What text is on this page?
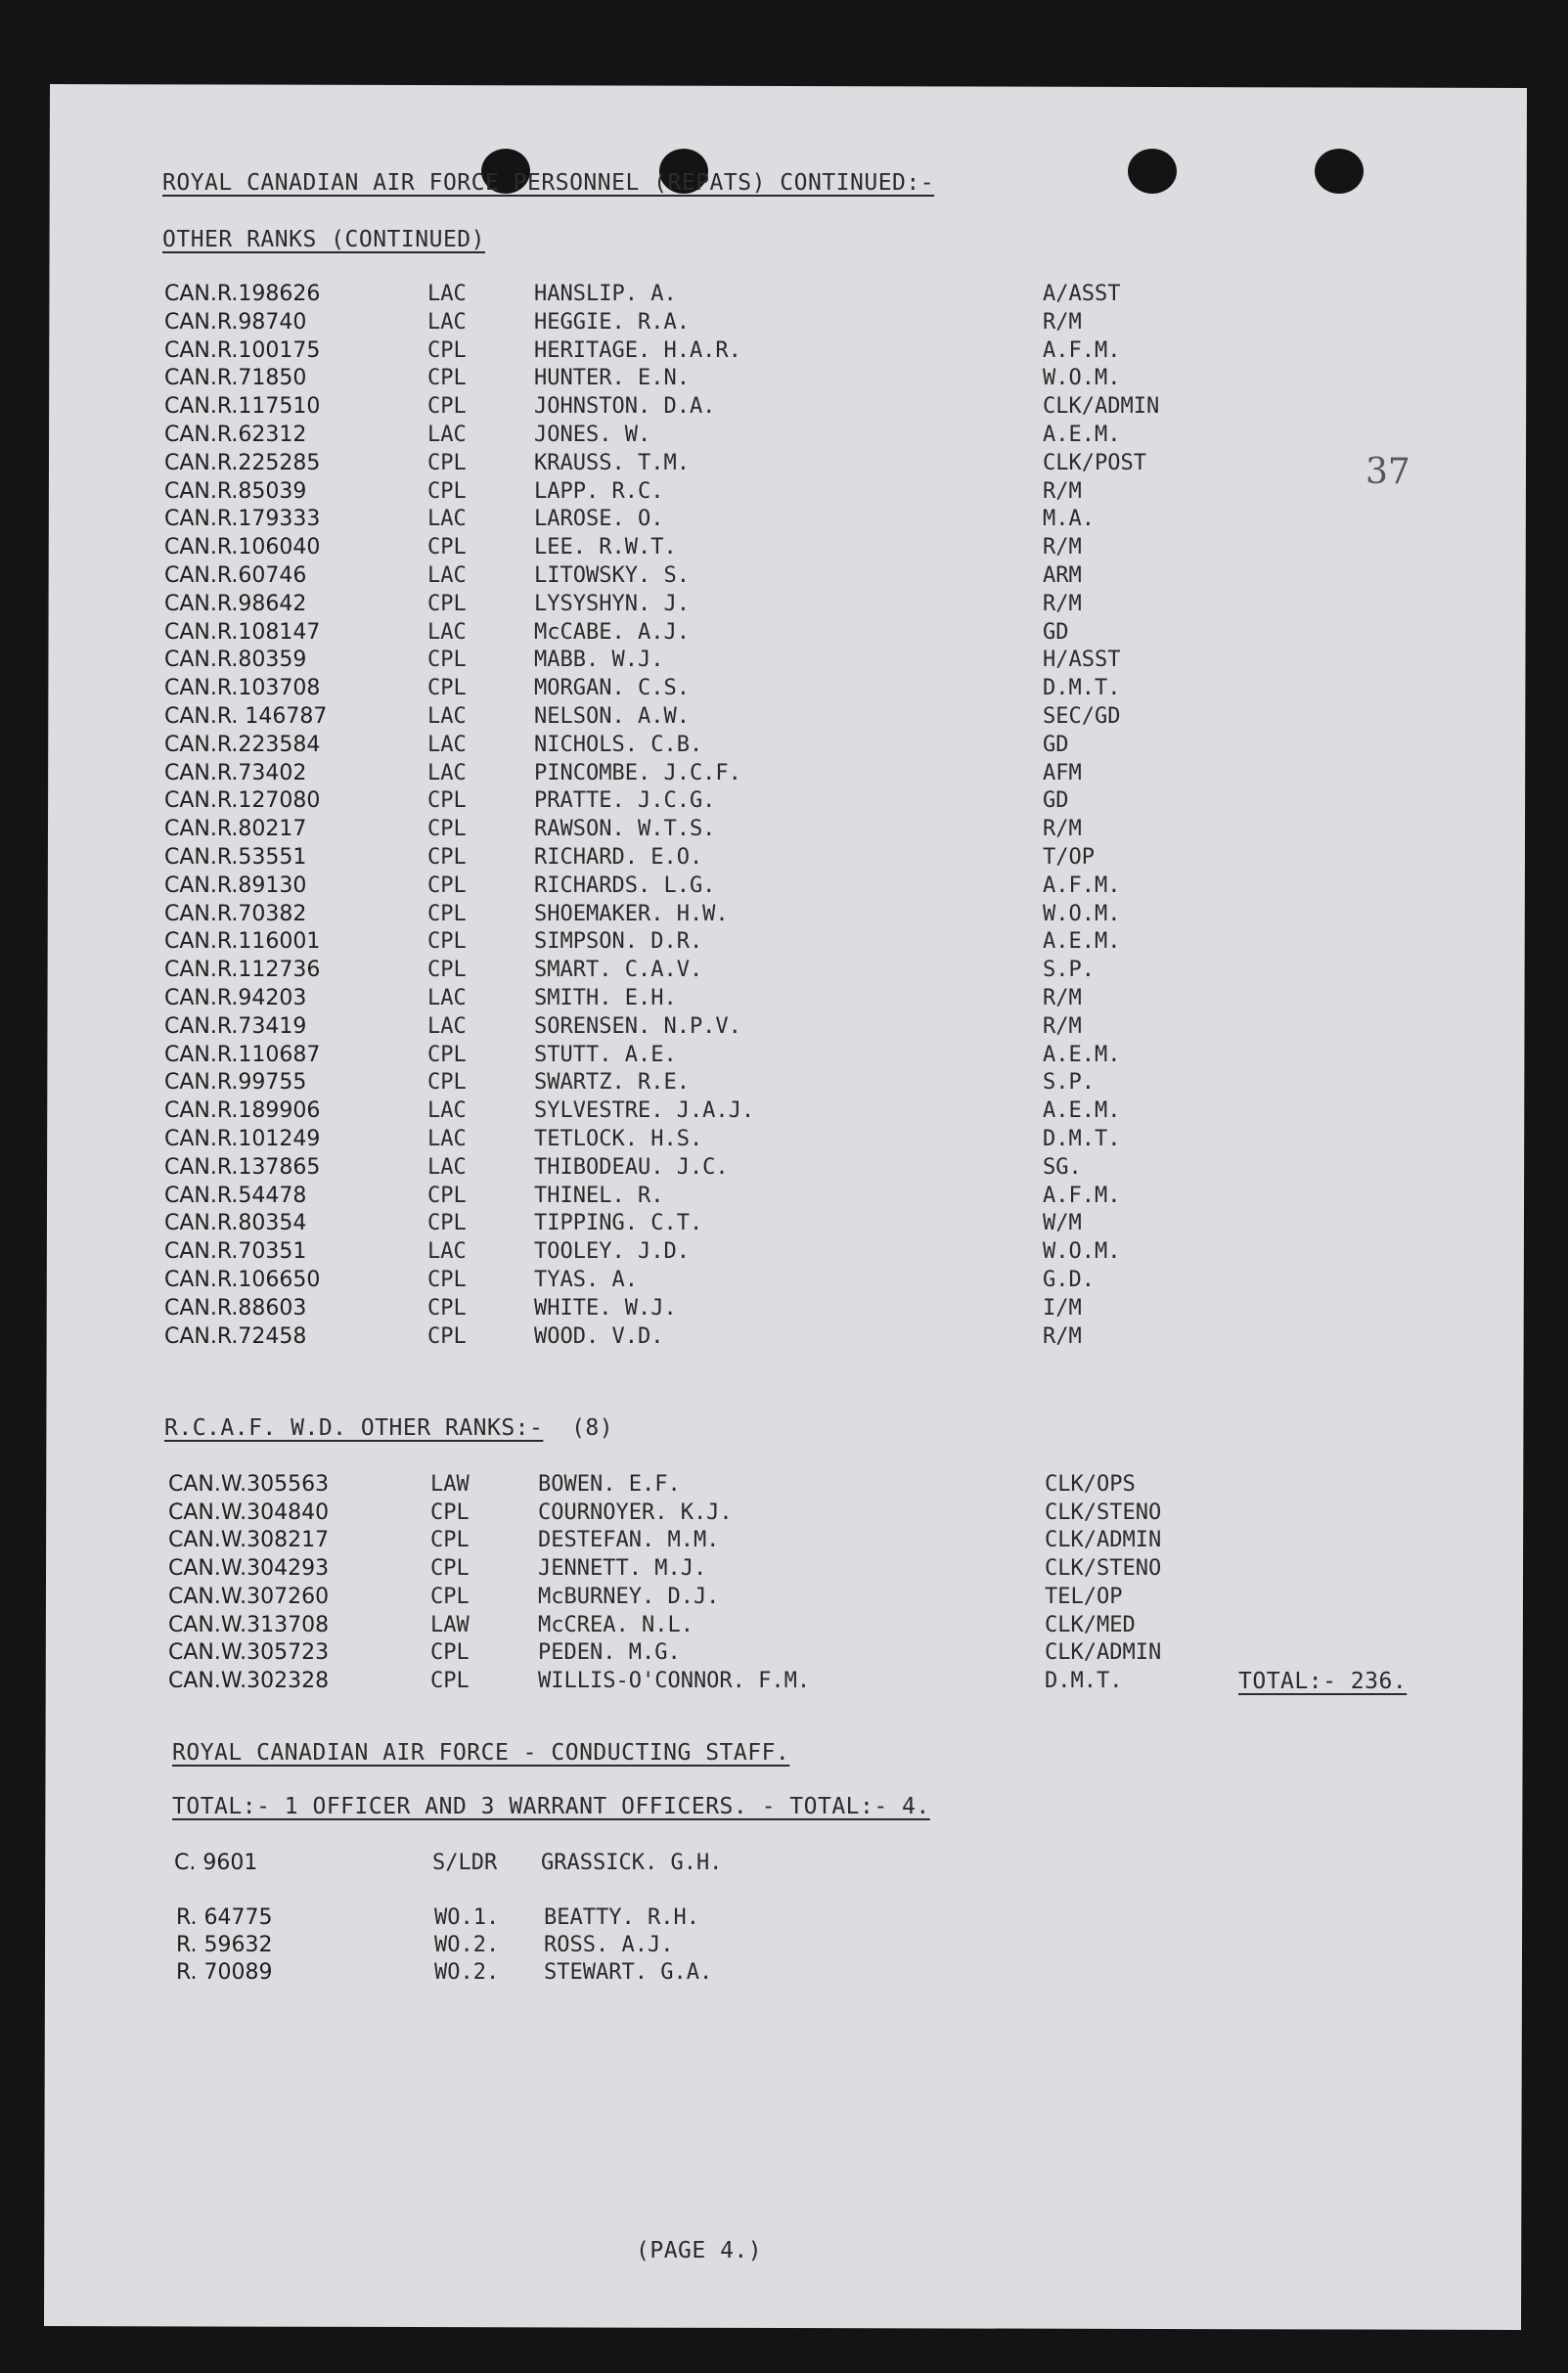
ROYAL CANADIAN AIR FORCE PERSONNEL (REPATS) CONTINUED:-
OTHER RANKS (CONTINUED)
37
CAN.R.198626	LAC	HANSLIP. A.	A/ASST
CAN.R.98740	LAC	HEGGIE. R.A.	R/M
CAN.R.100175	CPL	HERITAGE. H.A.R.	A.F.M.
CAN.R.71850	CPL	HUNTER. E.N.	W.O.M.
CAN.R.117510	CPL	JOHNSTON. D.A.	CLK/ADMIN
CAN.R.62312	LAC	JONES. W.	A.E.M.
CAN.R.225285	CPL	KRAUSS. T.M.	CLK/POST
CAN.R.85039	CPL	LAPP. R.C.	R/M
CAN.R.179333	LAC	LAROSE. O.	M.A.
CAN.R.106040	CPL	LEE. R.W.T.	R/M
CAN.R.60746	LAC	LITOWSKY. S.	ARM
CAN.R.98642	CPL	LYSYSHYN. J.	R/M
CAN.R.108147	LAC	McCABE. A.J.	GD
CAN.R.80359	CPL	MABB. W.J.	H/ASST
CAN.R.103708	CPL	MORGAN. C.S.	D.M.T.
CAN.R. 146787	LAC	NELSON. A.W.	SEC/GD
CAN.R.223584	LAC	NICHOLS. C.B.	GD
CAN.R.73402	LAC	PINCOMBE. J.C.F.	AFM
CAN.R.127080	CPL	PRATTE. J.C.G.	GD
CAN.R.80217	CPL	RAWSON. W.T.S.	R/M
CAN.R.53551	CPL	RICHARD. E.O.	T/OP
CAN.R.89130	CPL	RICHARDS. L.G.	A.F.M.
CAN.R.70382	CPL	SHOEMAKER. H.W.	W.O.M.
CAN.R.116001	CPL	SIMPSON. D.R.	A.E.M.
CAN.R.112736	CPL	SMART. C.A.V.	S.P.
CAN.R.94203	LAC	SMITH. E.H.	R/M
CAN.R.73419	LAC	SORENSEN. N.P.V.	R/M
CAN.R.110687	CPL	STUTT. A.E.	A.E.M.
CAN.R.99755	CPL	SWARTZ. R.E.	S.P.
CAN.R.189906	LAC	SYLVESTRE. J.A.J.	A.E.M.
CAN.R.101249	LAC	TETLOCK. H.S.	D.M.T.
CAN.R.137865	LAC	THIBODEAU. J.C.	SG.
CAN.R.54478	CPL	THINEL. R.	A.F.M.
CAN.R.80354	CPL	TIPPING. C.T.	W/M
CAN.R.70351	LAC	TOOLEY. J.D.	W.O.M.
CAN.R.106650	CPL	TYAS. A.	G.D.
CAN.R.88603	CPL	WHITE. W.J.	I/M
CAN.R.72458	CPL	WOOD. V.D.	R/M
R.C.A.F. W.D. OTHER RANKS:- (8)
CAN.W.305563	LAW	BOWEN. E.F.	CLK/OPS
CAN.W.304840	CPL	COURNOYER. K.J.	CLK/STENO
CAN.W.308217	CPL	DESTEFAN. M.M.	CLK/ADMIN
CAN.W.304293	CPL	JENNETT. M.J.	CLK/STENO
CAN.W.307260	CPL	McBURNEY. D.J.	TEL/OP
CAN.W.313708	LAW	McCREA. N.L.	CLK/MED
CAN.W.305723	CPL	PEDEN. M.G.	CLK/ADMIN
CAN.W.302328	CPL	WILLIS-O'CONNOR. F.M.	D.M.T.	TOTAL:- 236.
ROYAL CANADIAN AIR FORCE - CONDUCTING STAFF.
TOTAL:- 1 OFFICER AND 3 WARRANT OFFICERS. - TOTAL:- 4.
C. 9601	S/LDR GRASSICK. G.H.
R. 64775	WO.1. BEATTY. R.H.
R. 59632	WO.2. ROSS. A.J.
R. 70089	WO.2. STEWART. G.A.
(PAGE 4.)
